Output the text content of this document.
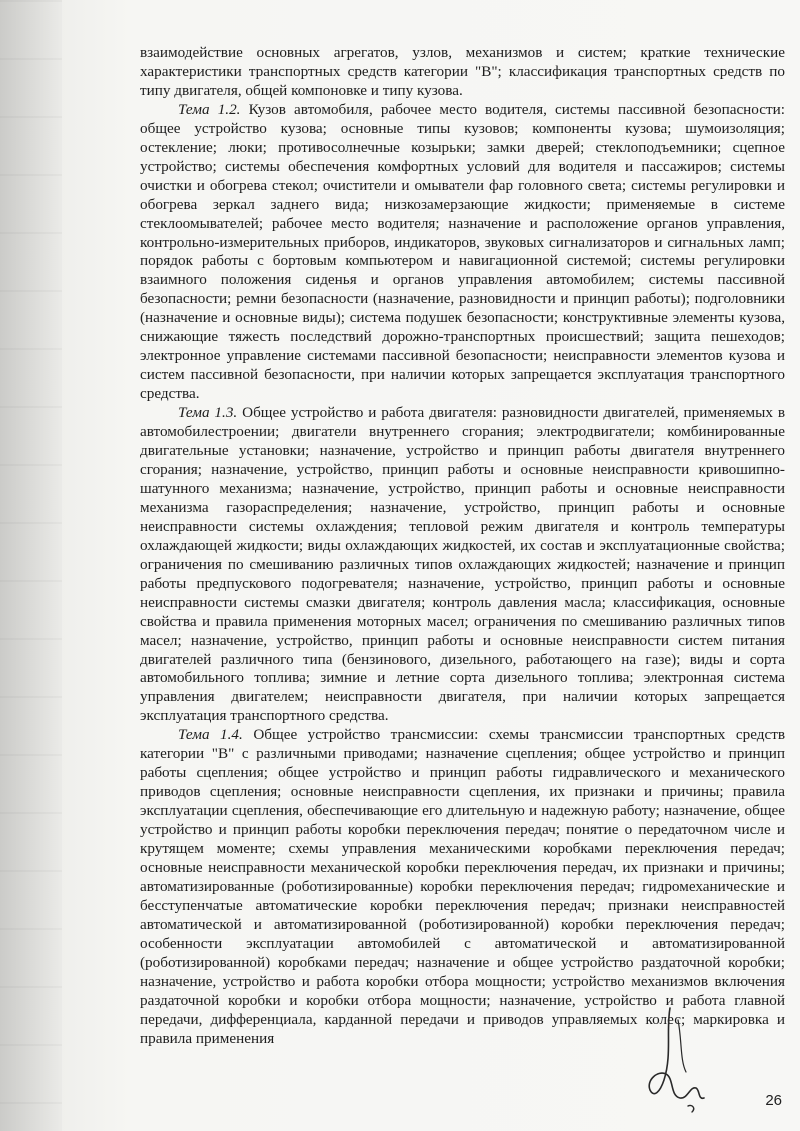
взаимодействие основных агрегатов, узлов, механизмов и систем; краткие технические характеристики транспортных средств категории "B"; классификация транспортных средств по типу двигателя, общей компоновке и типу кузова.

Тема 1.2. Кузов автомобиля, рабочее место водителя, системы пассивной безопасности: общее устройство кузова; основные типы кузовов; компоненты кузова; шумоизоляция; остекление; люки; противосолнечные козырьки; замки дверей; стеклоподъемники; сцепное устройство; системы обеспечения комфортных условий для водителя и пассажиров; системы очистки и обогрева стекол; очистители и омыватели фар головного света; системы регулировки и обогрева зеркал заднего вида; низкозамерзающие жидкости; применяемые в системе стеклоомывателей; рабочее место водителя; назначение и расположение органов управления, контрольно-измерительных приборов, индикаторов, звуковых сигнализаторов и сигнальных ламп; порядок работы с бортовым компьютером и навигационной системой; системы регулировки взаимного положения сиденья и органов управления автомобилем; системы пассивной безопасности; ремни безопасности (назначение, разновидности и принцип работы); подголовники (назначение и основные виды); система подушек безопасности; конструктивные элементы кузова, снижающие тяжесть последствий дорожно-транспортных происшествий; защита пешеходов; электронное управление системами пассивной безопасности; неисправности элементов кузова и систем пассивной безопасности, при наличии которых запрещается эксплуатация транспортного средства.

Тема 1.3. Общее устройство и работа двигателя: разновидности двигателей, применяемых в автомобилестроении; двигатели внутреннего сгорания; электродвигатели; комбинированные двигательные установки; назначение, устройство и принцип работы двигателя внутреннего сгорания; назначение, устройство, принцип работы и основные неисправности кривошипно-шатунного механизма; назначение, устройство, принцип работы и основные неисправности механизма газораспределения; назначение, устройство, принцип работы и основные неисправности системы охлаждения; тепловой режим двигателя и контроль температуры охлаждающей жидкости; виды охлаждающих жидкостей, их состав и эксплуатационные свойства; ограничения по смешиванию различных типов охлаждающих жидкостей; назначение и принцип работы предпускового подогревателя; назначение, устройство, принцип работы и основные неисправности системы смазки двигателя; контроль давления масла; классификация, основные свойства и правила применения моторных масел; ограничения по смешиванию различных типов масел; назначение, устройство, принцип работы и основные неисправности систем питания двигателей различного типа (бензинового, дизельного, работающего на газе); виды и сорта автомобильного топлива; зимние и летние сорта дизельного топлива; электронная система управления двигателем; неисправности двигателя, при наличии которых запрещается эксплуатация транспортного средства.

Тема 1.4. Общее устройство трансмиссии: схемы трансмиссии транспортных средств категории "B" с различными приводами; назначение сцепления; общее устройство и принцип работы сцепления; общее устройство и принцип работы гидравлического и механического приводов сцепления; основные неисправности сцепления, их признаки и причины; правила эксплуатации сцепления, обеспечивающие его длительную и надежную работу; назначение, общее устройство и принцип работы коробки переключения передач; понятие о передаточном числе и крутящем моменте; схемы управления механическими коробками переключения передач; основные неисправности механической коробки переключения передач, их признаки и причины; автоматизированные (роботизированные) коробки переключения передач; гидромеханические и бесступенчатые автоматические коробки переключения передач; признаки неисправностей автоматической и автоматизированной (роботизированной) коробки переключения передач; особенности эксплуатации автомобилей с автоматической и автоматизированной (роботизированной) коробками передач; назначение и общее устройство раздаточной коробки; назначение, устройство и работа коробки отбора мощности; устройство механизмов включения раздаточной коробки и коробки отбора мощности; назначение, устройство и работа главной передачи, дифференциала, карданной передачи и приводов управляемых колес; маркировка и правила применения

26
